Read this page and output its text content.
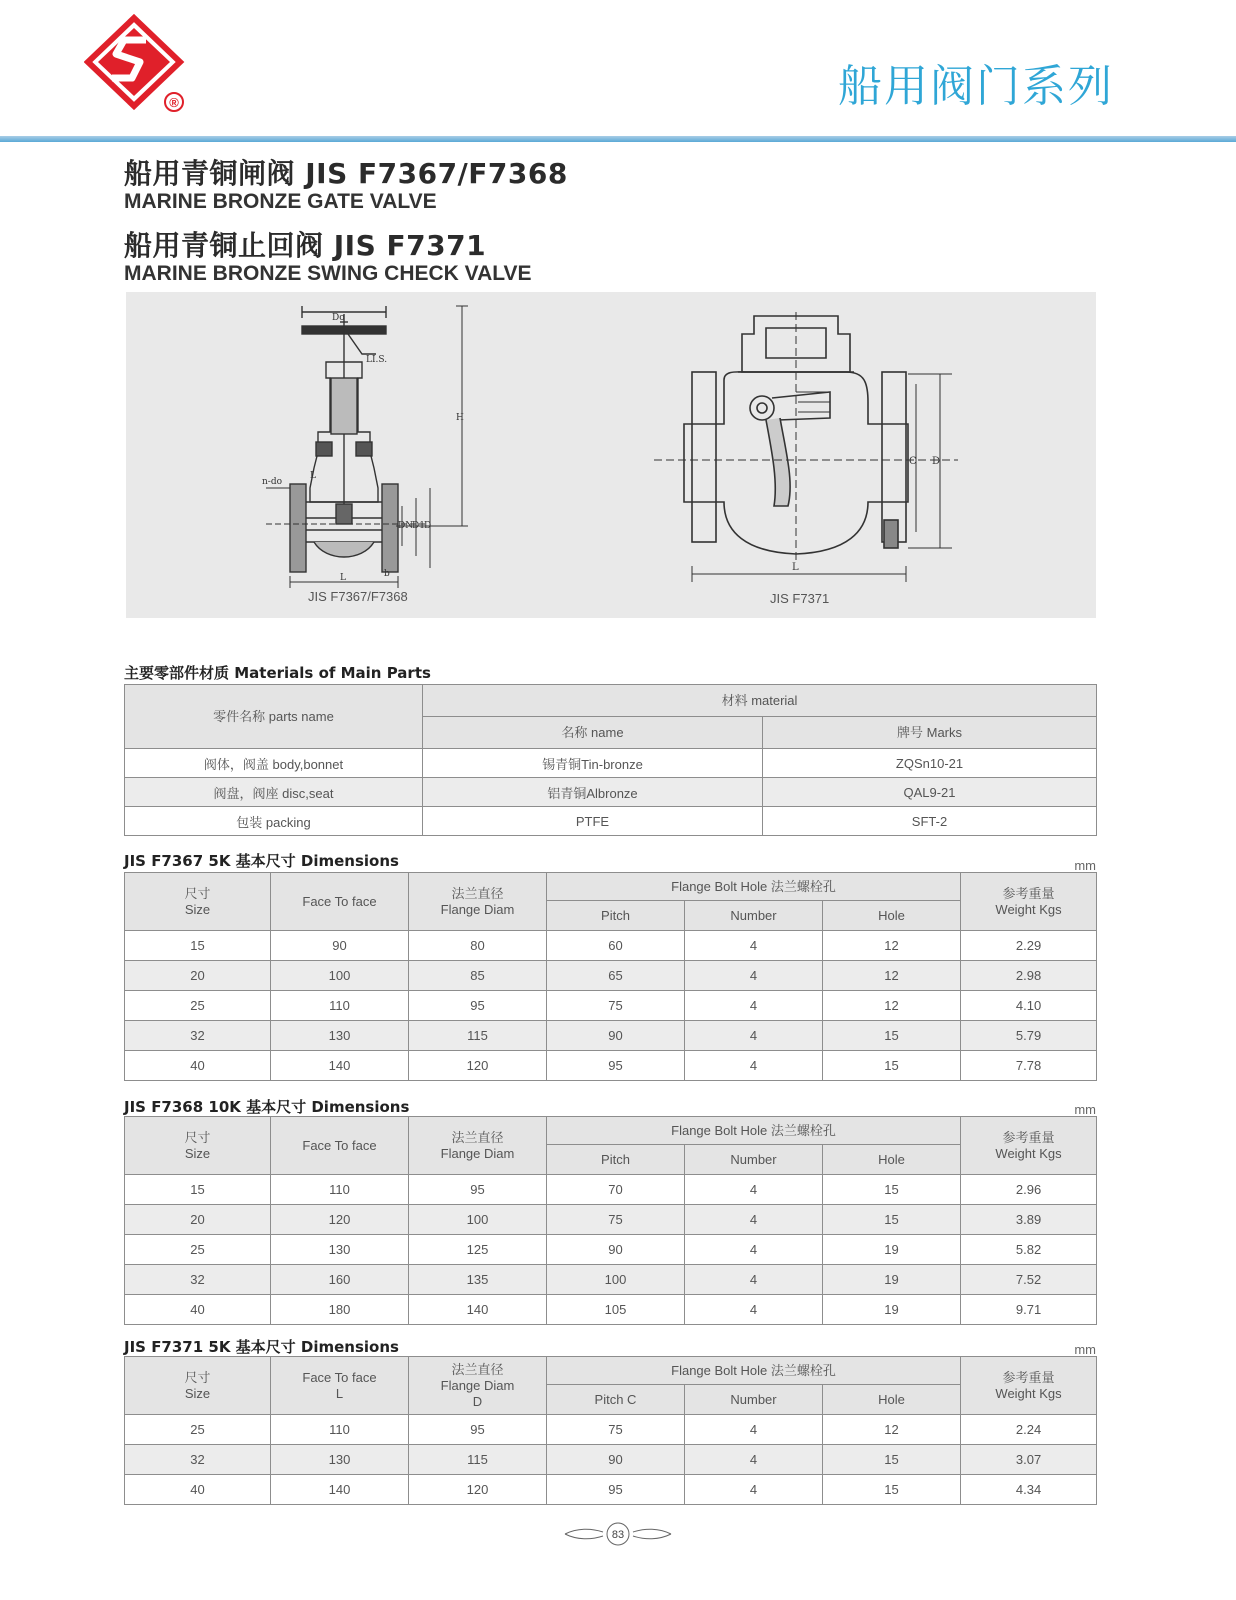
®	船用阀门系列
船用青铜闸阀 JIS F7367/F7368
MARINE BRONZE GATE VALVE
船用青铜止回阀 JIS F7371
MARINE BRONZE SWING CHECK VALVE
Do
LI.S.
H
n-do
L
DN
D1 D
L	b
C D
L
JIS F7367/F7368	JIS F7371
主要零部件材质 Materials of Main Parts
零件名称 parts name	材料 material	
	名称 name	牌号 Marks
阀体，阀盖 body,bonnet	锡青铜Tin-bronze	ZQSn10-21
阀盘，阀座 disc,seat	铝青铜Albronze	QAL9-21
包装 packing	PTFE	SFT-2
JIS F7367 5K 基本尺寸 Dimensions	mm
尺寸
Size	Face To face	法兰直径
Flange Diam	Flange Bolt Hole 法兰螺栓孔			参考重量
Weight Kgs
			Pitch	Number	Hole	
15	90	80	60	4	12	2.29
20	100	85	65	4	12	2.98
25	110	95	75	4	12	4.10
32	130	115	90	4	15	5.79
40	140	120	95	4	15	7.78
JIS F7368 10K 基本尺寸 Dimensions	mm
尺寸
Size	Face To face	法兰直径
Flange Diam	Flange Bolt Hole 法兰螺栓孔			参考重量
Weight Kgs
			Pitch	Number	Hole	
15	110	95	70	4	15	2.96
20	120	100	75	4	15	3.89
25	130	125	90	4	19	5.82
32	160	135	100	4	19	7.52
40	180	140	105	4	19	9.71
JIS F7371 5K 基本尺寸 Dimensions	mm
尺寸
Size	Face To face
L	法兰直径
Flange Diam
D	Flange Bolt Hole 法兰螺栓孔			参考重量
Weight Kgs
			Pitch C	Number	Hole	
25	110	95	75	4	12	2.24
32	130	115	90	4	15	3.07
40	140	120	95	4	15	4.34
83
